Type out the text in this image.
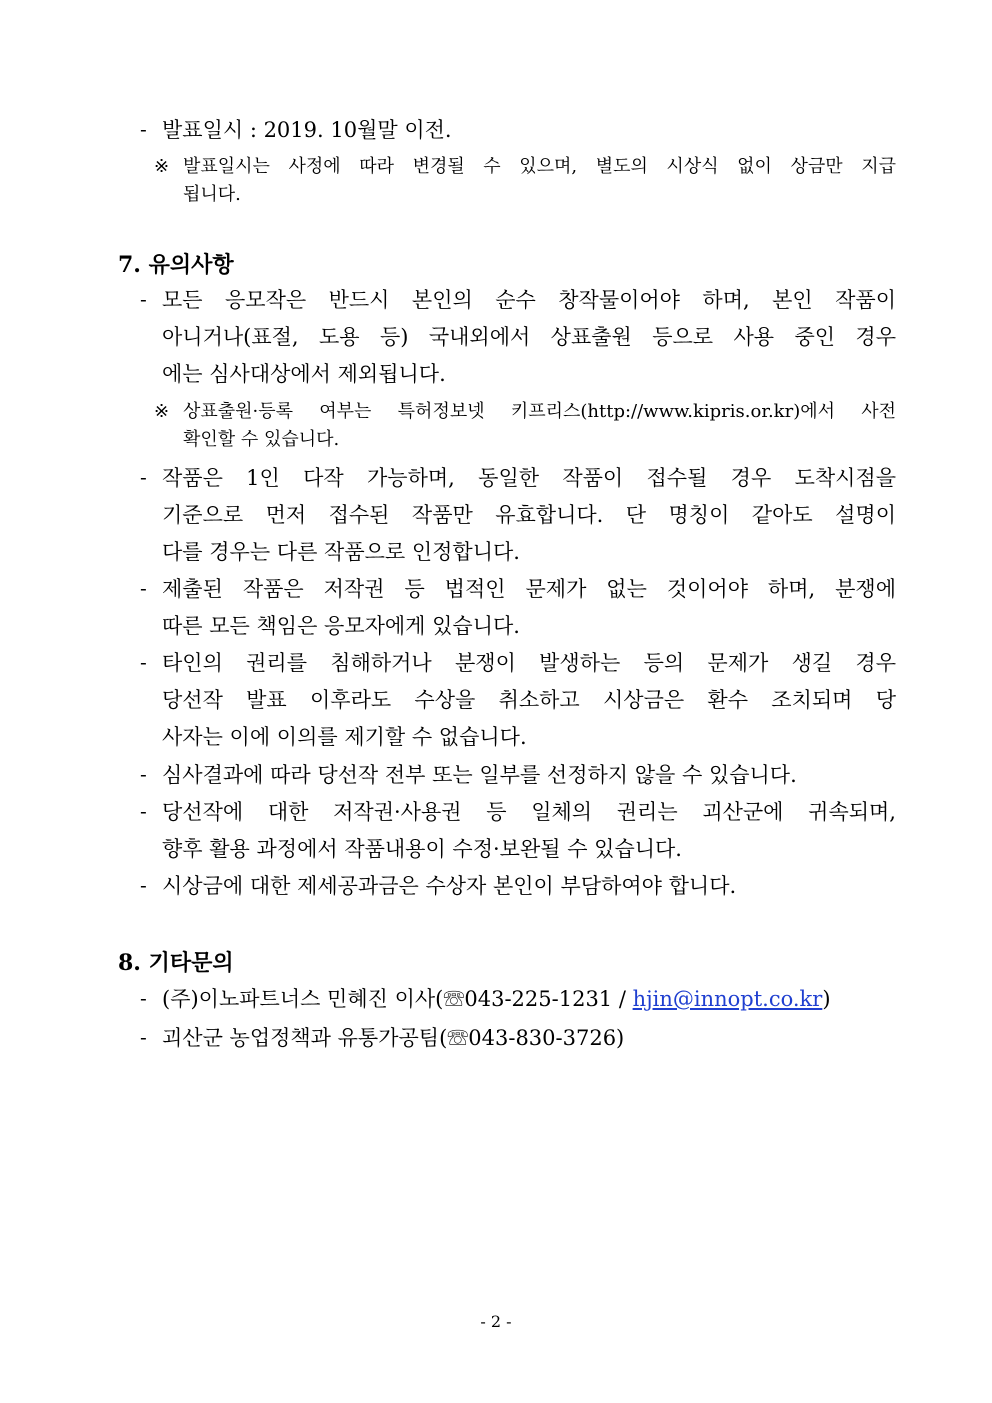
- 발표일시 : 2019. 10월말 이전.
※ 발표일시는 사정에 따라 변경될 수 있으며, 별도의 시상식 없이 상금만 지급
됩니다.
7. 유의사항
- 모든 응모작은 반드시 본인의 순수 창작물이어야 하며, 본인 작품이
아니거나(표절, 도용 등) 국내외에서 상표출원 등으로 사용 중인 경우
에는 심사대상에서 제외됩니다.
※ 상표출원·등록 여부는 특허정보넷 키프리스(http://www.kipris.or.kr)에서 사전
확인할 수 있습니다.
- 작품은 1인 다작 가능하며, 동일한 작품이 접수될 경우 도착시점을
기준으로 먼저 접수된 작품만 유효합니다. 단 명칭이 같아도 설명이
다를 경우는 다른 작품으로 인정합니다.
- 제출된 작품은 저작권 등 법적인 문제가 없는 것이어야 하며, 분쟁에
따른 모든 책임은 응모자에게 있습니다.
- 타인의 권리를 침해하거나 분쟁이 발생하는 등의 문제가 생길 경우
당선작 발표 이후라도 수상을 취소하고 시상금은 환수 조치되며 당
사자는 이에 이의를 제기할 수 없습니다.
- 심사결과에 따라 당선작 전부 또는 일부를 선정하지 않을 수 있습니다.
- 당선작에 대한 저작권·사용권 등 일체의 권리는 괴산군에 귀속되며,
향후 활용 과정에서 작품내용이 수정·보완될 수 있습니다.
- 시상금에 대한 제세공과금은 수상자 본인이 부담하여야 합니다.
8. 기타문의
- (주)이노파트너스 민혜진 이사(☏043-225-1231 / hjin@innopt.co.kr)
- 괴산군 농업정책과 유통가공팀(☏043-830-3726)
- 2 -
